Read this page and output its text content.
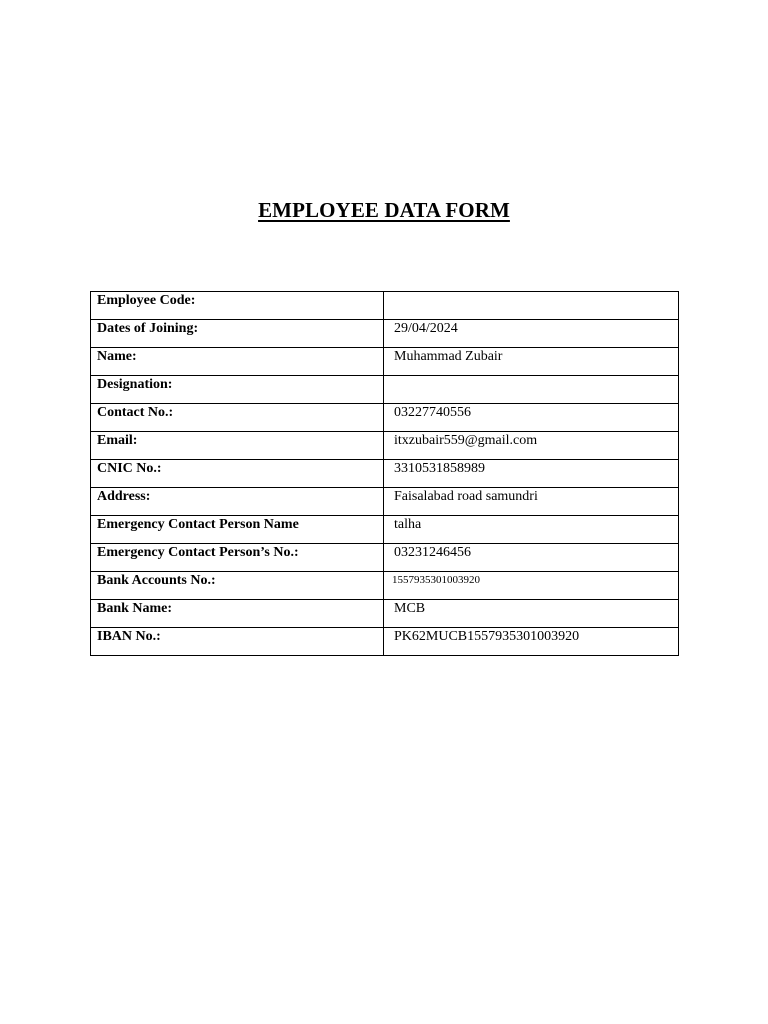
EMPLOYEE DATA FORM
Employee Code:	
Dates of Joining:	29/04/2024
Name:	Muhammad Zubair
Designation:	
Contact No.:	03227740556
Email:	itxzubair559@gmail.com
CNIC No.:	3310531858989
Address:	Faisalabad road samundri
Emergency Contact Person Name	talha
Emergency Contact Person’s No.:	03231246456
Bank Accounts No.:	1557935301003920
Bank Name:	MCB
IBAN No.:	PK62MUCB1557935301003920
